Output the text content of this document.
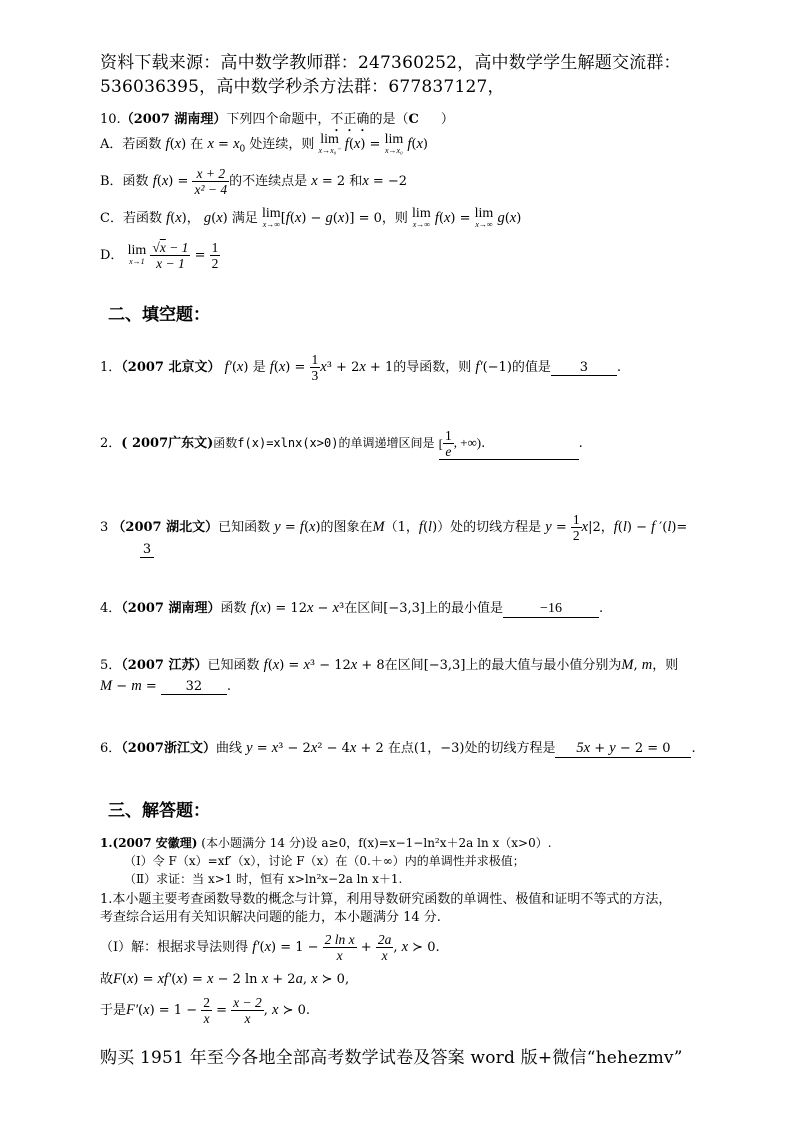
资料下载来源：高中数学教师群：247360252，高中数学学生解题交流群：
536036395，高中数学秒杀方法群：677837127，
10.（2007 湖南理）下列四个命题中，不正确的是（C ）
A．若函数 f(x) 在 $x = x_0$ 处连续，则 lim
x→x₀⁻ f(x) = lim
x→x₀ f(x)
B．函数 $f(x) = \frac{x + 2}{\text{x² − 4}}$ 的不连续点是 x = 2 和x = −2
C．若函数 f(x)， g(x) 满足 lim
x→∞ [f(x) − g(x)] = 0，则 lim
x→∞ f(x) = lim
x→∞ g(x)
D． lim
x→1
$\frac{√x - 1}{x - 1} = \frac{1}{2}$
二、填空题：
1．（2007 北京文） f′(x) 是 $f(x) = \frac{1}{3} x^3 + 2x + 1$的导函数，则 f′(−1)的值是 3 .
2．( 2007广东文)函数f(x)=xlnx(x>0)的单调递增区间是 [ $\frac{1}{e}$ , +∞).	.
3 （2007 湖北文）已知函数 y = f(x)的图象在M（1，f(l)）处的切线方程是 $y = \frac{1}{2} x|2$，f(l) − f ′(l)=
3
4．（2007 湖南理）函数 f(x) = 12x − x³在区间[−3,3]上的最小值是	−16	.
5．（2007 江苏）已知函数 f(x) = x³ − 12x + 8在区间[−3,3]上的最大值与最小值分别为M, m，则
M − m = 32 .
6．（2007浙江文）曲线 y = x³ − 2x² − 4x + 2 在点(1，−3)处的切线方程是 5x + y − 2 = 0 .
三、解答题：
1.(2007 安徽理) (本小题满分 14 分)设 a≥0，f(x)=x−1−ln²x＋2a ln x（x>0）.
（Ⅰ）令 F（x）=xf′（x），讨论 F（x）在（0.＋∞）内的单调性并求极值；
（Ⅱ）求证：当 x>1 时，恒有 x>ln²x−2a ln x＋1.
1.本小题主要考查函数导数的概念与计算，利用导数研究函数的单调性、极值和证明不等式的方法，
考查综合运用有关知识解决问题的能力，本小题满分 14 分.
（Ⅰ）解：根据求导法则得 $f'(x) = 1 - \frac{\text{2 ln x}}{x} + \frac{2a}{x}$ , x ≻ 0.
故F(x) = xf′(x) = x − 2 ln x + 2a, x ≻ 0,
于是$F'(x) = 1 - \frac{2}{x} = \frac{x - 2}{x}$ , x ≻ 0.
购买 1951 年至今各地全部高考数学试卷及答案 word 版+微信“hehezmv”
